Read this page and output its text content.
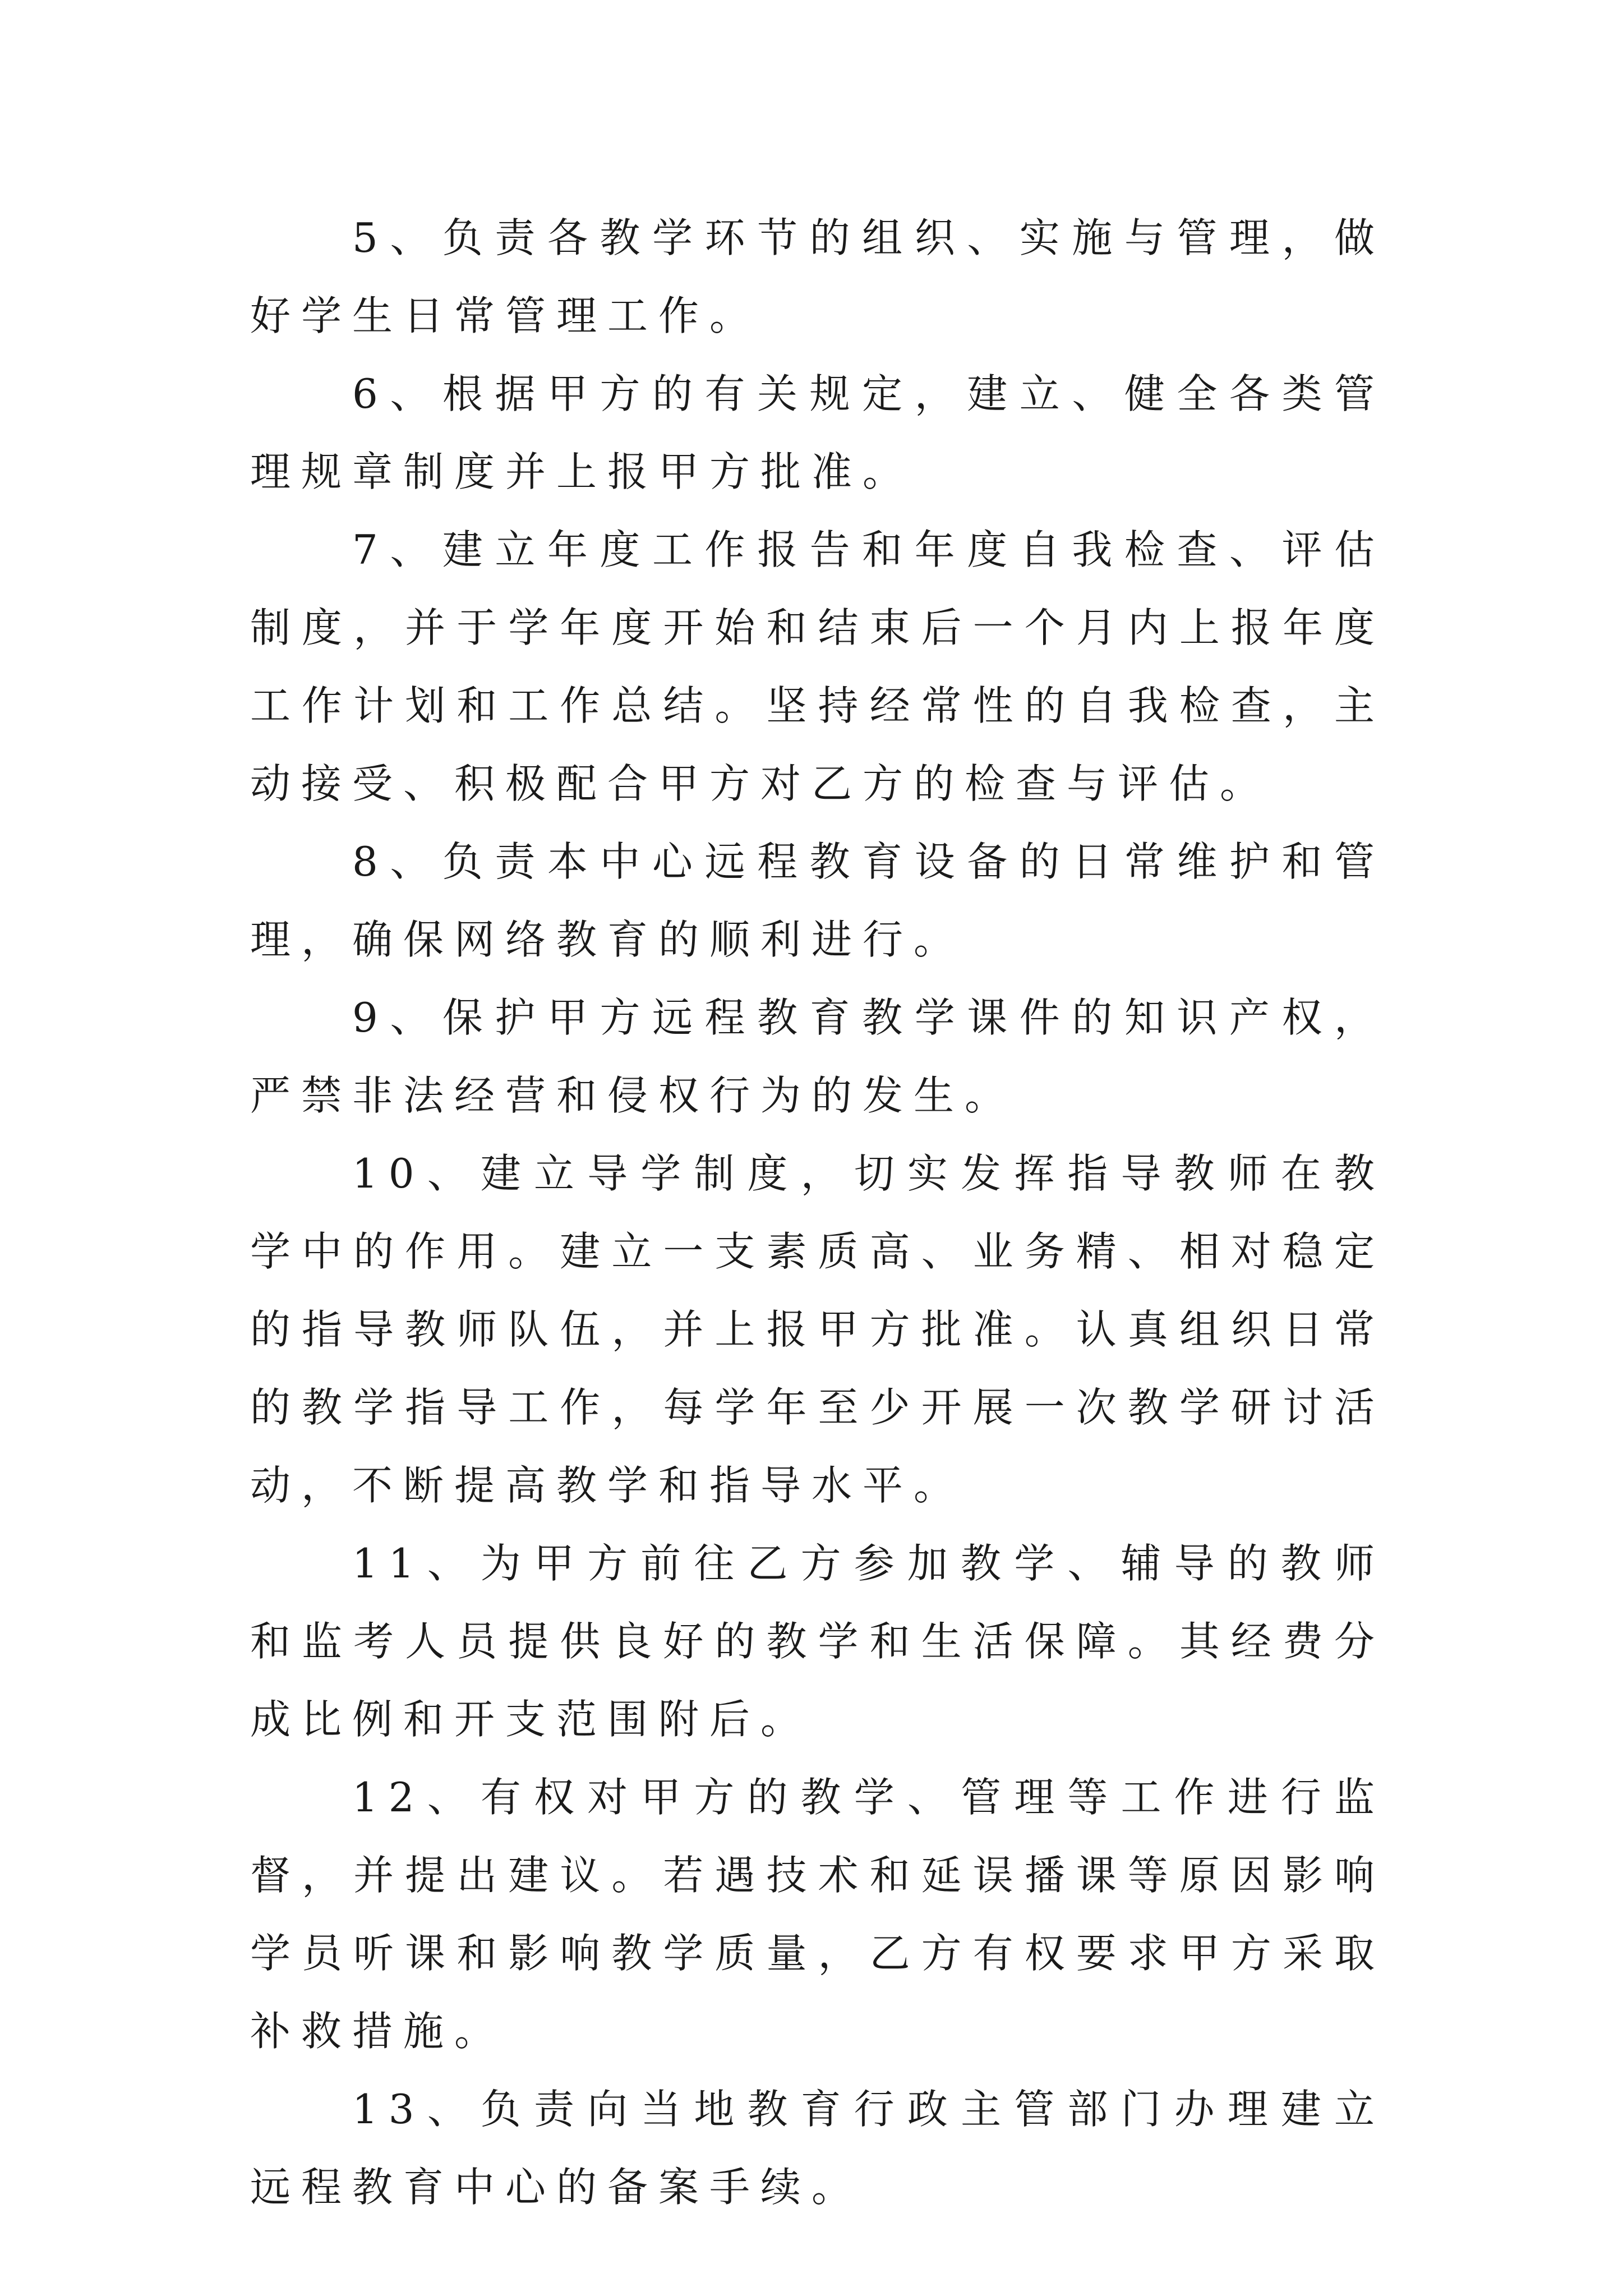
5、负责各教学环节的组织、实施与管理，做好学生日常管理工作。

6、根据甲方的有关规定，建立、健全各类管理规章制度并上报甲方批准。

7、建立年度工作报告和年度自我检查、评估制度，并于学年度开始和结束后一个月内上报年度工作计划和工作总结。坚持经常性的自我检查，主动接受、积极配合甲方对乙方的检查与评估。

8、负责本中心远程教育设备的日常维护和管理，确保网络教育的顺利进行。

9、保护甲方远程教育教学课件的知识产权，严禁非法经营和侵权行为的发生。

10、建立导学制度，切实发挥指导教师在教学中的作用。建立一支素质高、业务精、相对稳定的指导教师队伍，并上报甲方批准。认真组织日常的教学指导工作，每学年至少开展一次教学研讨活动，不断提高教学和指导水平。

11、为甲方前往乙方参加教学、辅导的教师和监考人员提供良好的教学和生活保障。其经费分成比例和开支范围附后。

12、有权对甲方的教学、管理等工作进行监督，并提出建议。若遇技术和延误播课等原因影响学员听课和影响教学质量，乙方有权要求甲方采取补救措施。

13、负责向当地教育行政主管部门办理建立远程教育中心的备案手续。
